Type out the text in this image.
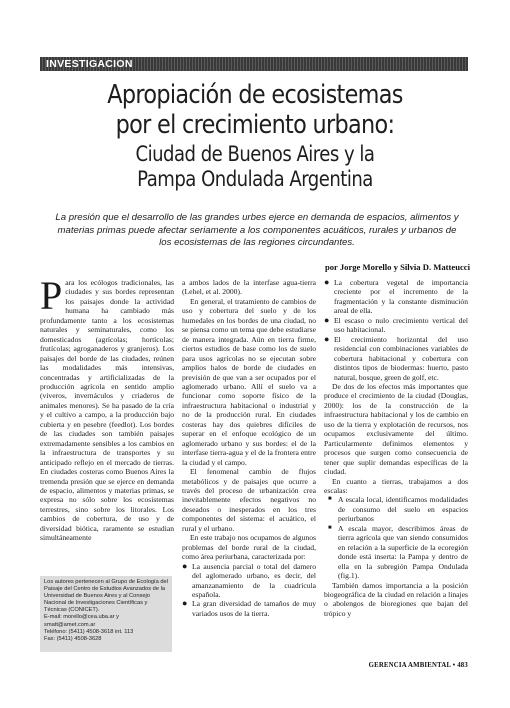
INVESTIGACION
Apropiación de ecosistemas
por el crecimiento urbano:
Ciudad de Buenos Aires y la
Pampa Ondulada Argentina
La presión que el desarrollo de las grandes urbes ejerce en demanda de espacios, alimentos y materias primas puede afectar seriamente a los componentes acuáticos, rurales y urbanos de los ecosistemas de las regiones circundantes.
por Jorge Morello y Silvia D. Matteucci

Para los ecólogos tradicionales, las ciudades y sus bordes representan los paisajes donde la actividad humana ha cambiado más profundamente tanto a los ecosistemas naturales y seminaturales, como los domesticados (agrícolas; hortícolas; frutícolas; agroganaderos y granjeros). Los paisajes del borde de las ciudades, reúnen las modalidades más intensivas, concentradas y artificializadas de la producción agrícola en sentido amplio (viveros, invernáculos y criaderos de animales menores). Se ha pasado de la cría y el cultivo a campo, a la producción bajo cubierta y en pesebre (feedlot). Los bordes de las ciudades son también paisajes extremadamente sensibles a los cambios en la infraestructura de transportes y su anticipado reflejo en el mercado de tierras. En ciudades costeras como Buenos Aires la tremenda presión que se ejerce en demanda de espacio, alimentos y materias primas, se expresa no sólo sobre los ecosistemas terrestres, sino sobre los litorales. Los cambios de cobertura, de uso y de diversidad biótica, raramente se estudian simultáneamente

Los autores pertenecen al Grupo de Ecología del Paisaje del Centro de Estudios Avanzados de la Universidad de Buenos Aires y al Consejo Nacional de Investigaciones Científicas y Técnicas (CONICET).
E-mail: morello@cea.uba.ar y
smatt@amet.com.ar
Teléfono: (5411) 4508-3618 int. 113
Fax: (5411) 4508-3628

a ambos lados de la interfase agua-tierra (Lehel, et al. 2000).

En general, el tratamiento de cambios de uso y cobertura del suelo y de los humedales en los bordes de una ciudad, no se piensa como un tema que debe estudiarse de manera integrada. Aún en tierra firme, ciertos estudios de base como los de suelo para usos agrícolas no se ejecutan sobre amplios halos de borde de ciudades en previsión de que van a ser ocupados por el aglomerado urbano. Allí el suelo va a funcionar como soporte físico de la infraestructura habitacional o industrial y no de la producción rural. En ciudades costeras hay dos quiebres difíciles de superar en el enfoque ecológico de un aglomerado urbano y sus bordes: el de la interfase tierra-agua y el de la frontera entre la ciudad y el campo.

El fenomenal cambio de flujos metabólicos y de paisajes que ocurre a través del proceso de urbanización crea inevitablemente efectos negativos no deseados o inesperados en los tres componentes del sistema: el acuático, el rural y el urbano.

En este trabajo nos ocupamos de algunos problemas del borde rural de la ciudad, como área periurbana, caracterizada por:

● La ausencia parcial o total del damero del aglomerado urbano, es decir, del amanzanamiento de la cuadrícula española.
● La gran diversidad de tamaños de muy variados usos de la tierra.
● La cobertura vegetal de importancia creciente por el incremento de la fragmentación y la constante disminución areal de ella.
● El escaso o nulo crecimiento vertical del uso habitacional.
● El crecimiento horizontal del uso residencial con combinaciones variables de cobertura habitacional y cobertura con distintos tipos de biodermas: huerto, pasto natural, bosque, green de golf, etc.

De dos de los efectos más importantes que produce el crecimiento de la ciudad (Douglas, 2000): los de la construcción de la infraestructura habitacional y los de cambio en uso de la tierra y explotación de recursos, nos ocupamos exclusivamente del último. Particularmente definimos elementos y procesos que surgen como consecuencia de tener que suplir demandas específicas de la ciudad.

En cuanto a tierras, trabajamos a dos escalas:

■ A escala local, identificamos modalidades de consumo del suelo en espacios periurbanos
■ A escala mayor, describimos áreas de tierra agrícola que van siendo consumidos en relación a la superficie de la ecoregión donde está inserta: la Pampa y dentro de ella en la subregión Pampa Ondulada (fig.1).

También damos importancia a la posición biogeográfica de la ciudad en relación a linajes o abolengos de bioregiones que bajan del trópico y

GERENCIA AMBIENTAL • 483
